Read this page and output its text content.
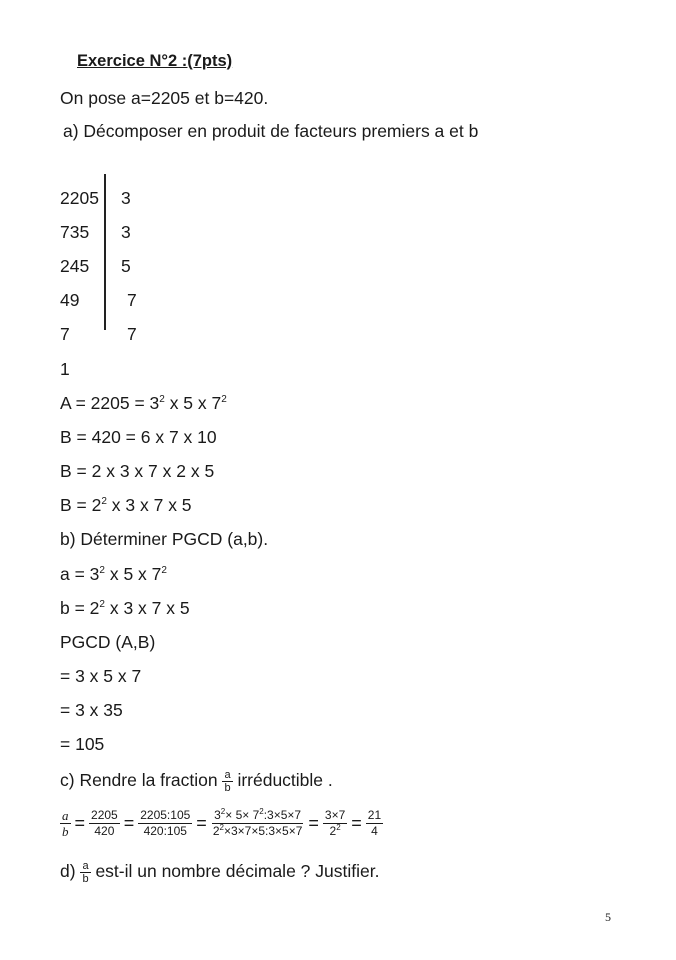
Exercice N°2 :(7pts)
On pose a=2205 et b=420.
a) Décomposer en produit de facteurs premiers a et b
2205
735
245
49
7
1
3
3
5
7
7
$A = 2205 = 3^2$ x 5 x $7^2$
B = 420 = 6 x 7 x 10
B = 2 x 3 x 7 x 2 x 5
$B = 2^2$ x 3 x 7 x 5
b) Déterminer PGCD (a,b).
$a = 3^2$ x 5 x $7^2$
$b = 2^2$ x 3 x 7 x 5
PGCD (A,B)
= 3 x 5 x 7
= 3 x 35
= 105
c) Rendre la fraction $\frac{a}{b}$ irréductible .
$\frac{a}{b} = \frac{2205}{420} = \frac{2205:105}{420:105} = \frac{3^2\times 5\times 7^2:3\times 5\times 7}{2^2\times 3\times 7\times 5:3\times 5\times 7} = \frac{3\times 7}{2^2} = \frac{21}{4}$
$d) \frac{a}{b} est-il$ un nombre décimale ? Justifier.
5
